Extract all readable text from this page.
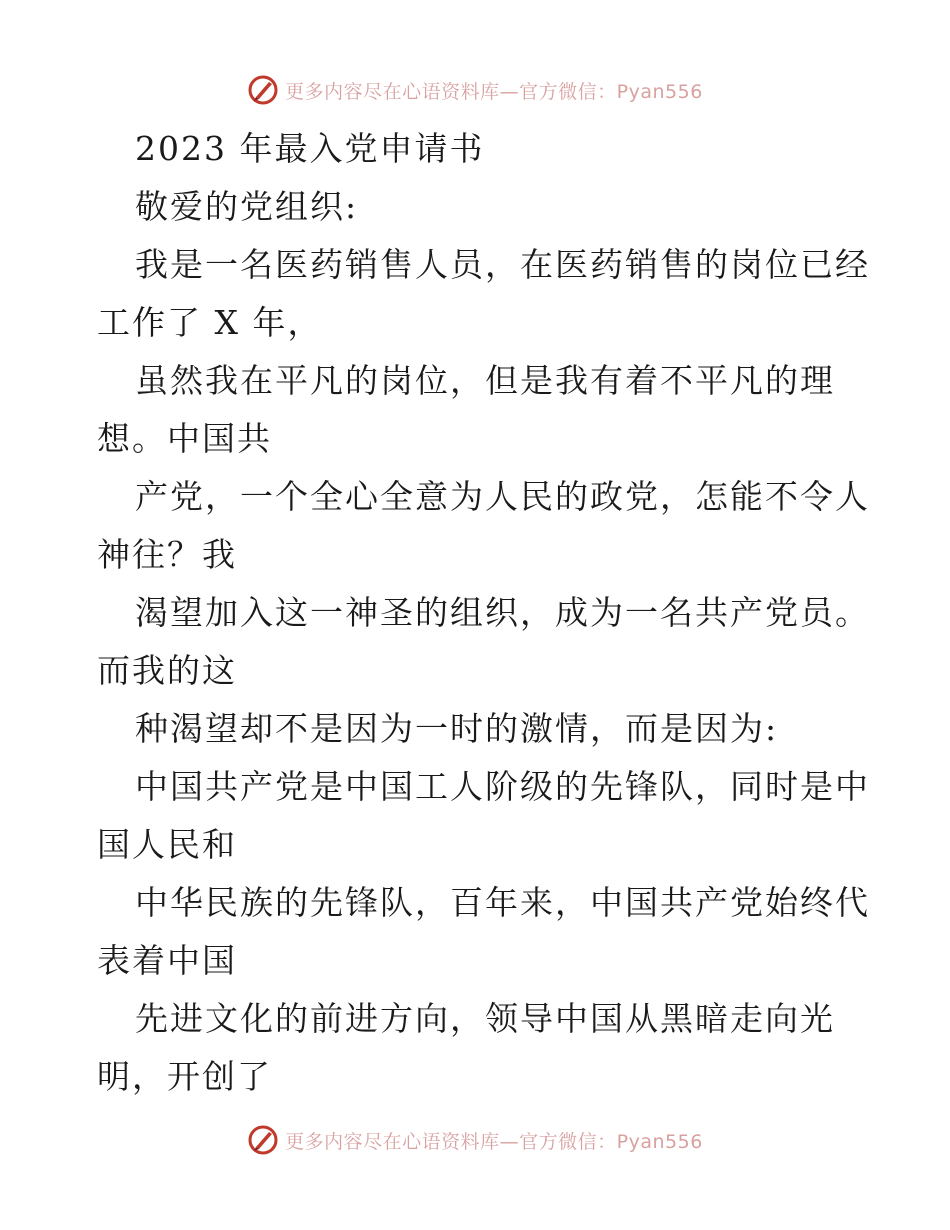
更多内容尽在心语资料库—官方微信：Pyan556
2023 年最入党申请书
敬爱的党组织:
我是一名医药销售人员，在医药销售的岗位已经
工作了 X 年，
虽然我在平凡的岗位，但是我有着不平凡的理
想。中国共
产党，一个全心全意为人民的政党，怎能不令人
神往？我
渴望加入这一神圣的组织，成为一名共产党员。
而我的这
种渴望却不是因为一时的激情，而是因为:
中国共产党是中国工人阶级的先锋队，同时是中
国人民和
中华民族的先锋队，百年来，中国共产党始终代
表着中国
先进文化的前进方向，领导中国从黑暗走向光
明，开创了
更多内容尽在心语资料库—官方微信：Pyan556
